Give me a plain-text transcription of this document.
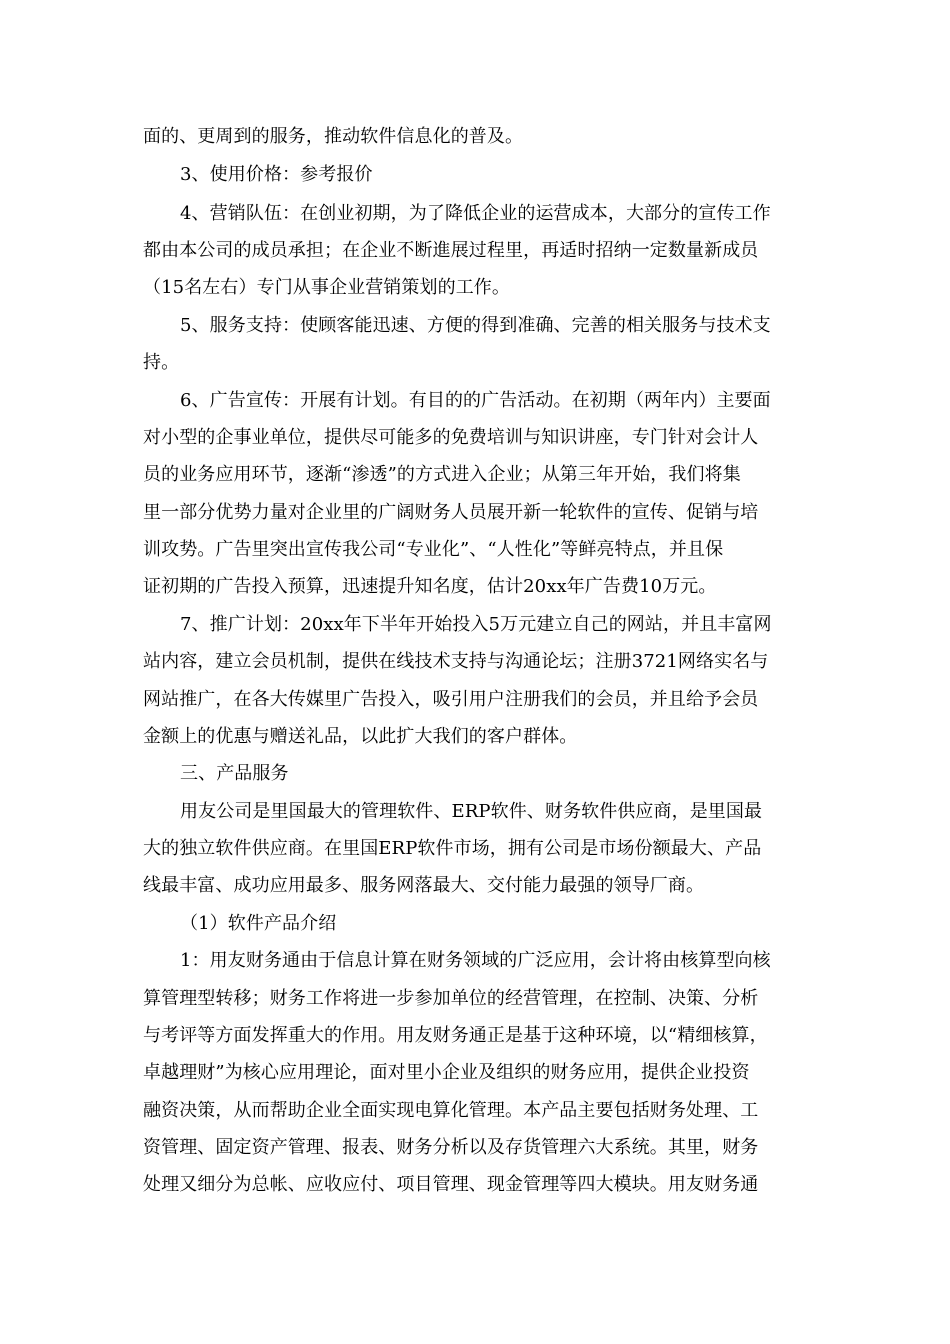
面的、更周到的服务，推动软件信息化的普及。
3、使用价格：参考报价
4、营销队伍：在创业初期，为了降低企业的运营成本，大部分的宣传工作
都由本公司的成员承担；在企业不断進展过程里，再适时招纳一定数量新成员
（15名左右）专门从事企业营销策划的工作。
5、服务支持：使顾客能迅速、方便的得到准确、完善的相关服务与技术支
持。
6、广告宣传：开展有计划。有目的的广告活动。在初期（两年内）主要面
对小型的企事业单位，提供尽可能多的免费培训与知识讲座，专门针对会计人
员的业务应用环节，逐渐“渗透”的方式进入企业；从第三年开始，我们将集
里一部分优势力量对企业里的广阔财务人员展开新一轮软件的宣传、促销与培
训攻势。广告里突出宣传我公司“专业化”、“人性化”等鲜亮特点，并且保
证初期的广告投入预算，迅速提升知名度，估计20xx年广告费10万元。
7、推广计划：20xx年下半年开始投入5万元建立自己的网站，并且丰富网
站内容，建立会员机制，提供在线技术支持与沟通论坛；注册3721网络实名与
网站推广，在各大传媒里广告投入，吸引用户注册我们的会员，并且给予会员
金额上的优惠与赠送礼品，以此扩大我们的客户群体。
三、产品服务
用友公司是里国最大的管理软件、ERP软件、财务软件供应商，是里国最
大的独立软件供应商。在里国ERP软件市场，拥有公司是市场份额最大、产品
线最丰富、成功应用最多、服务网落最大、交付能力最强的领导厂商。
（1）软件产品介绍
1：用友财务通由于信息计算在财务领域的广泛应用，会计将由核算型向核
算管理型转移；财务工作将进一步参加单位的经营管理，在控制、决策、分析
与考评等方面发挥重大的作用。用友财务通正是基于这种环境，以“精细核算，
卓越理财”为核心应用理论，面对里小企业及组织的财务应用，提供企业投资
融资决策，从而帮助企业全面实现电算化管理。本产品主要包括财务处理、工
资管理、固定资产管理、报表、财务分析以及存货管理六大系统。其里，财务
处理又细分为总帐、应收应付、项目管理、现金管理等四大模块。用友财务通
